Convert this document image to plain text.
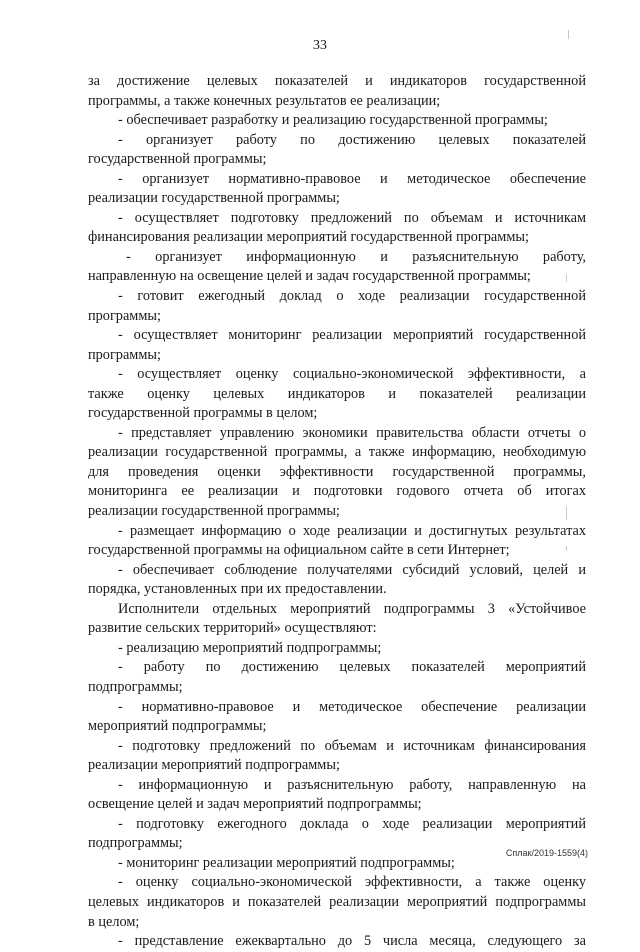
33
за достижение целевых показателей и индикаторов государственной
программы, а также конечных результатов ее реализации;
- обеспечивает разработку и реализацию государственной программы;
- организует работу по достижению целевых показателей
государственной программы;
- организует нормативно-правовое и методическое обеспечение
реализации государственной программы;
- осуществляет подготовку предложений по объемам и источникам
финансирования реализации мероприятий государственной программы;
- организует информационную и разъяснительную работу,
направленную на освещение целей и задач государственной программы;
- готовит ежегодный доклад о ходе реализации государственной
программы;
- осуществляет мониторинг реализации мероприятий государственной
программы;
- осуществляет оценку социально-экономической эффективности, а
также оценку целевых индикаторов и показателей реализации
государственной программы в целом;
- представляет управлению экономики правительства области отчеты о
реализации государственной программы, а также информацию, необходимую
для проведения оценки эффективности государственной программы,
мониторинга ее реализации и подготовки годового отчета об итогах
реализации государственной программы;
- размещает информацию о ходе реализации и достигнутых результатах
государственной программы на официальном сайте в сети Интернет;
- обеспечивает соблюдение получателями субсидий условий, целей и
порядка, установленных при их предоставлении.
Исполнители отдельных мероприятий подпрограммы 3 «Устойчивое
развитие сельских территорий» осуществляют:
- реализацию мероприятий подпрограммы;
- работу по достижению целевых показателей мероприятий
подпрограммы;
- нормативно-правовое и методическое обеспечение реализации
мероприятий подпрограммы;
- подготовку предложений по объемам и источникам финансирования
реализации мероприятий подпрограммы;
- информационную и разъяснительную работу, направленную на
освещение целей и задач мероприятий подпрограммы;
- подготовку ежегодного доклада о ходе реализации мероприятий
подпрограммы;
- мониторинг реализации мероприятий подпрограммы;
- оценку социально-экономической эффективности, а также оценку
целевых индикаторов и показателей реализации мероприятий подпрограммы
в целом;
- представление ежеквартально до 5 числа месяца, следующего за
Сплак/2019-1559(4)
